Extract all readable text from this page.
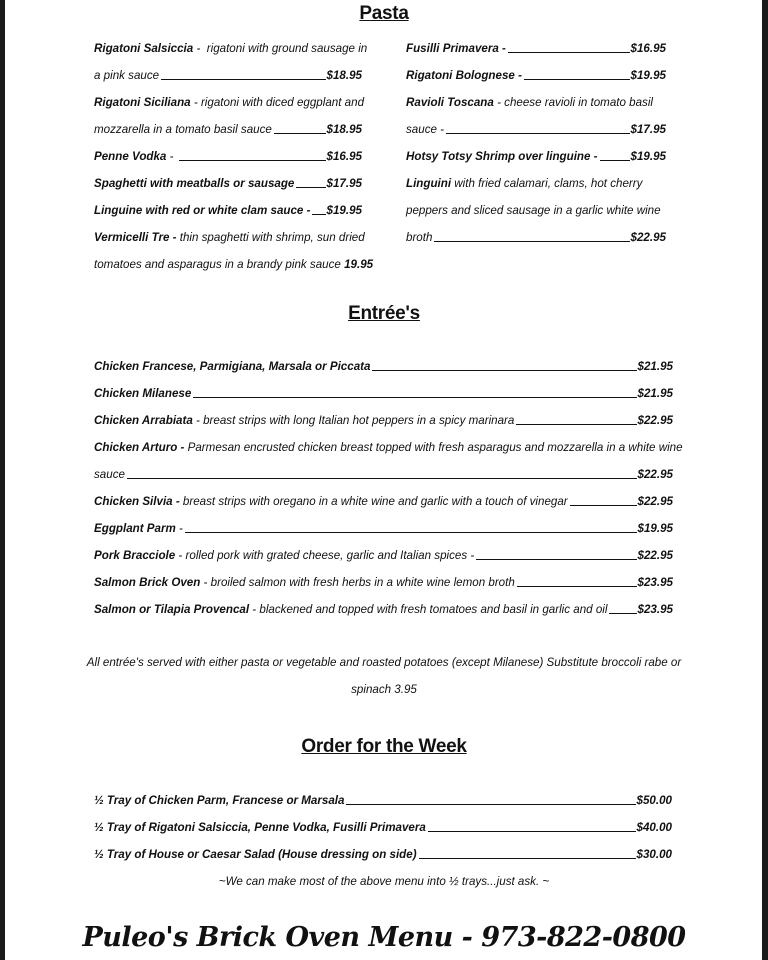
Pasta
Rigatoni Salsiccia -  rigatoni with ground sausage in
a pink sauce	$18.95
Rigatoni Siciliana - rigatoni with diced eggplant and
mozzarella in a tomato basil sauce	$18.95
Penne Vodka -	$16.95
Spaghetti with meatballs or sausage	$17.95
Linguine with red or white clam sauce - $19.95
Vermicelli Tre - thin spaghetti with shrimp, sun dried
tomatoes and asparagus in a brandy pink sauce 19.95
Fusilli Primavera -	$16.95
Rigatoni Bolognese -	$19.95
Ravioli Toscana - cheese ravioli in tomato basil
sauce -	$17.95
Hotsy Totsy Shrimp over linguine -	$19.95
Linguini with fried calamari, clams, hot cherry
peppers and sliced sausage in a garlic white wine
broth	$22.95
Entrée's
Chicken Francese, Parmigiana, Marsala or Piccata	$21.95
Chicken Milanese	$21.95
Chicken Arrabiata - breast strips with long Italian hot peppers in a spicy marinara	$22.95
Chicken Arturo - Parmesan encrusted chicken breast topped with fresh asparagus and mozzarella in a white wine
sauce	$22.95
Chicken Silvia - breast strips with oregano in a white wine and garlic with a touch of vinegar	$22.95
Eggplant Parm -	$19.95
Pork Bracciole - rolled pork with grated cheese, garlic and Italian spices -	$22.95
Salmon Brick Oven - broiled salmon with fresh herbs in a white wine lemon broth	$23.95
Salmon or Tilapia Provencal - blackened and topped with fresh tomatoes and basil in garlic and oil	$23.95
All entrée's served with either pasta or vegetable and roasted potatoes (except Milanese) Substitute broccoli rabe or
spinach 3.95
Order for the Week
½ Tray of Chicken Parm, Francese or Marsala	$50.00
½ Tray of Rigatoni Salsiccia, Penne Vodka, Fusilli Primavera	$40.00
½ Tray of House or Caesar Salad (House dressing on side)	$30.00
~We can make most of the above menu into ½ trays...just ask. ~
Puleo's Brick Oven Menu - 973-822-0800
